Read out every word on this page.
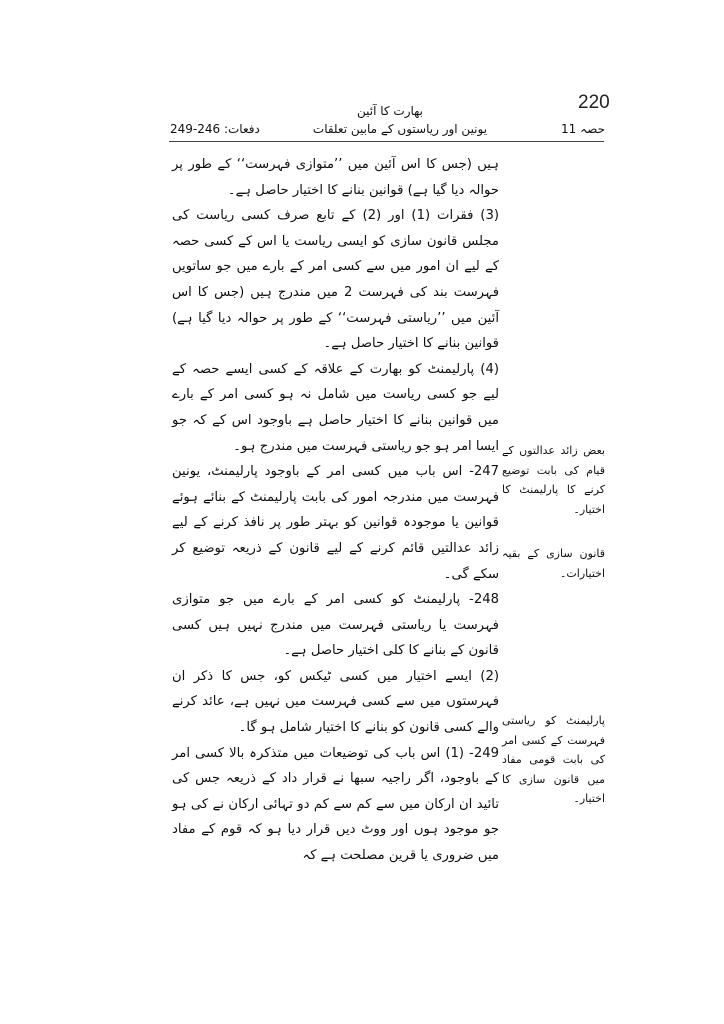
220
بھارت کا آئین
حصہ 11
یونین اور ریاستوں کے مابین تعلقات
دفعات: 246-249

ہیں (جس کا اس آئین میں ’’متوازی فہرست‘‘ کے طور پر حوالہ دیا گیا ہے) قوانین بنانے کا اختیار حاصل ہے۔

(3) فقرات (1) اور (2) کے تابع صرف کسی ریاست کی مجلس قانون سازی کو ایسی ریاست یا اس کے کسی حصہ کے لیے ان امور میں سے کسی امر کے بارے میں جو ساتویں فہرست بند کی فہرست 2 میں مندرج ہیں (جس کا اس آئین میں ’’ریاستی فہرست‘‘ کے طور پر حوالہ دیا گیا ہے) قوانین بنانے کا اختیار حاصل ہے۔

(4) پارلیمنٹ کو بھارت کے علاقہ کے کسی ایسے حصہ کے لیے جو کسی ریاست میں شامل نہ ہو کسی امر کے بارے میں قوانین بنانے کا اختیار حاصل ہے باوجود اس کے کہ جو ایسا امر ہو جو ریاستی فہرست میں مندرج ہو۔

247- اس باب میں کسی امر کے باوجود پارلیمنٹ، یونین فہرست میں مندرجہ امور کی بابت پارلیمنٹ کے بنائے ہوئے قوانین یا موجودہ قوانین کو بہتر طور پر نافذ کرنے کے لیے زائد عدالتیں قائم کرنے کے لیے قانون کے ذریعہ توضیع کر سکے گی۔

248- پارلیمنٹ کو کسی امر کے بارے میں جو متوازی فہرست یا ریاستی فہرست میں مندرج نہیں ہیں کسی قانون کے بنانے کا کلی اختیار حاصل ہے۔

(2) ایسے اختیار میں کسی ٹیکس کو، جس کا ذکر ان فہرستوں میں سے کسی فہرست میں نہیں ہے، عائد کرنے والے کسی قانون کو بنانے کا اختیار شامل ہو گا۔

249- (1) اس باب کی توضیعات میں متذکرہ بالا کسی امر کے باوجود، اگر راجیہ سبھا نے قرار داد کے ذریعہ جس کی تائید ان ارکان میں سے کم سے کم دو تہائی ارکان نے کی ہو جو موجود ہوں اور ووٹ دیں قرار دیا ہو کہ قوم کے مفاد میں ضروری یا قرین مصلحت ہے کہ

بعض زائد عدالتوں کے قیام کی بابت توضیع کرنے کا پارلیمنٹ کا اختیار۔
قانون سازی کے بقیہ اختیارات۔
پارلیمنٹ کو ریاستی فہرست کے کسی امر کی بابت قومی مفاد میں قانون سازی کا اختیار۔
